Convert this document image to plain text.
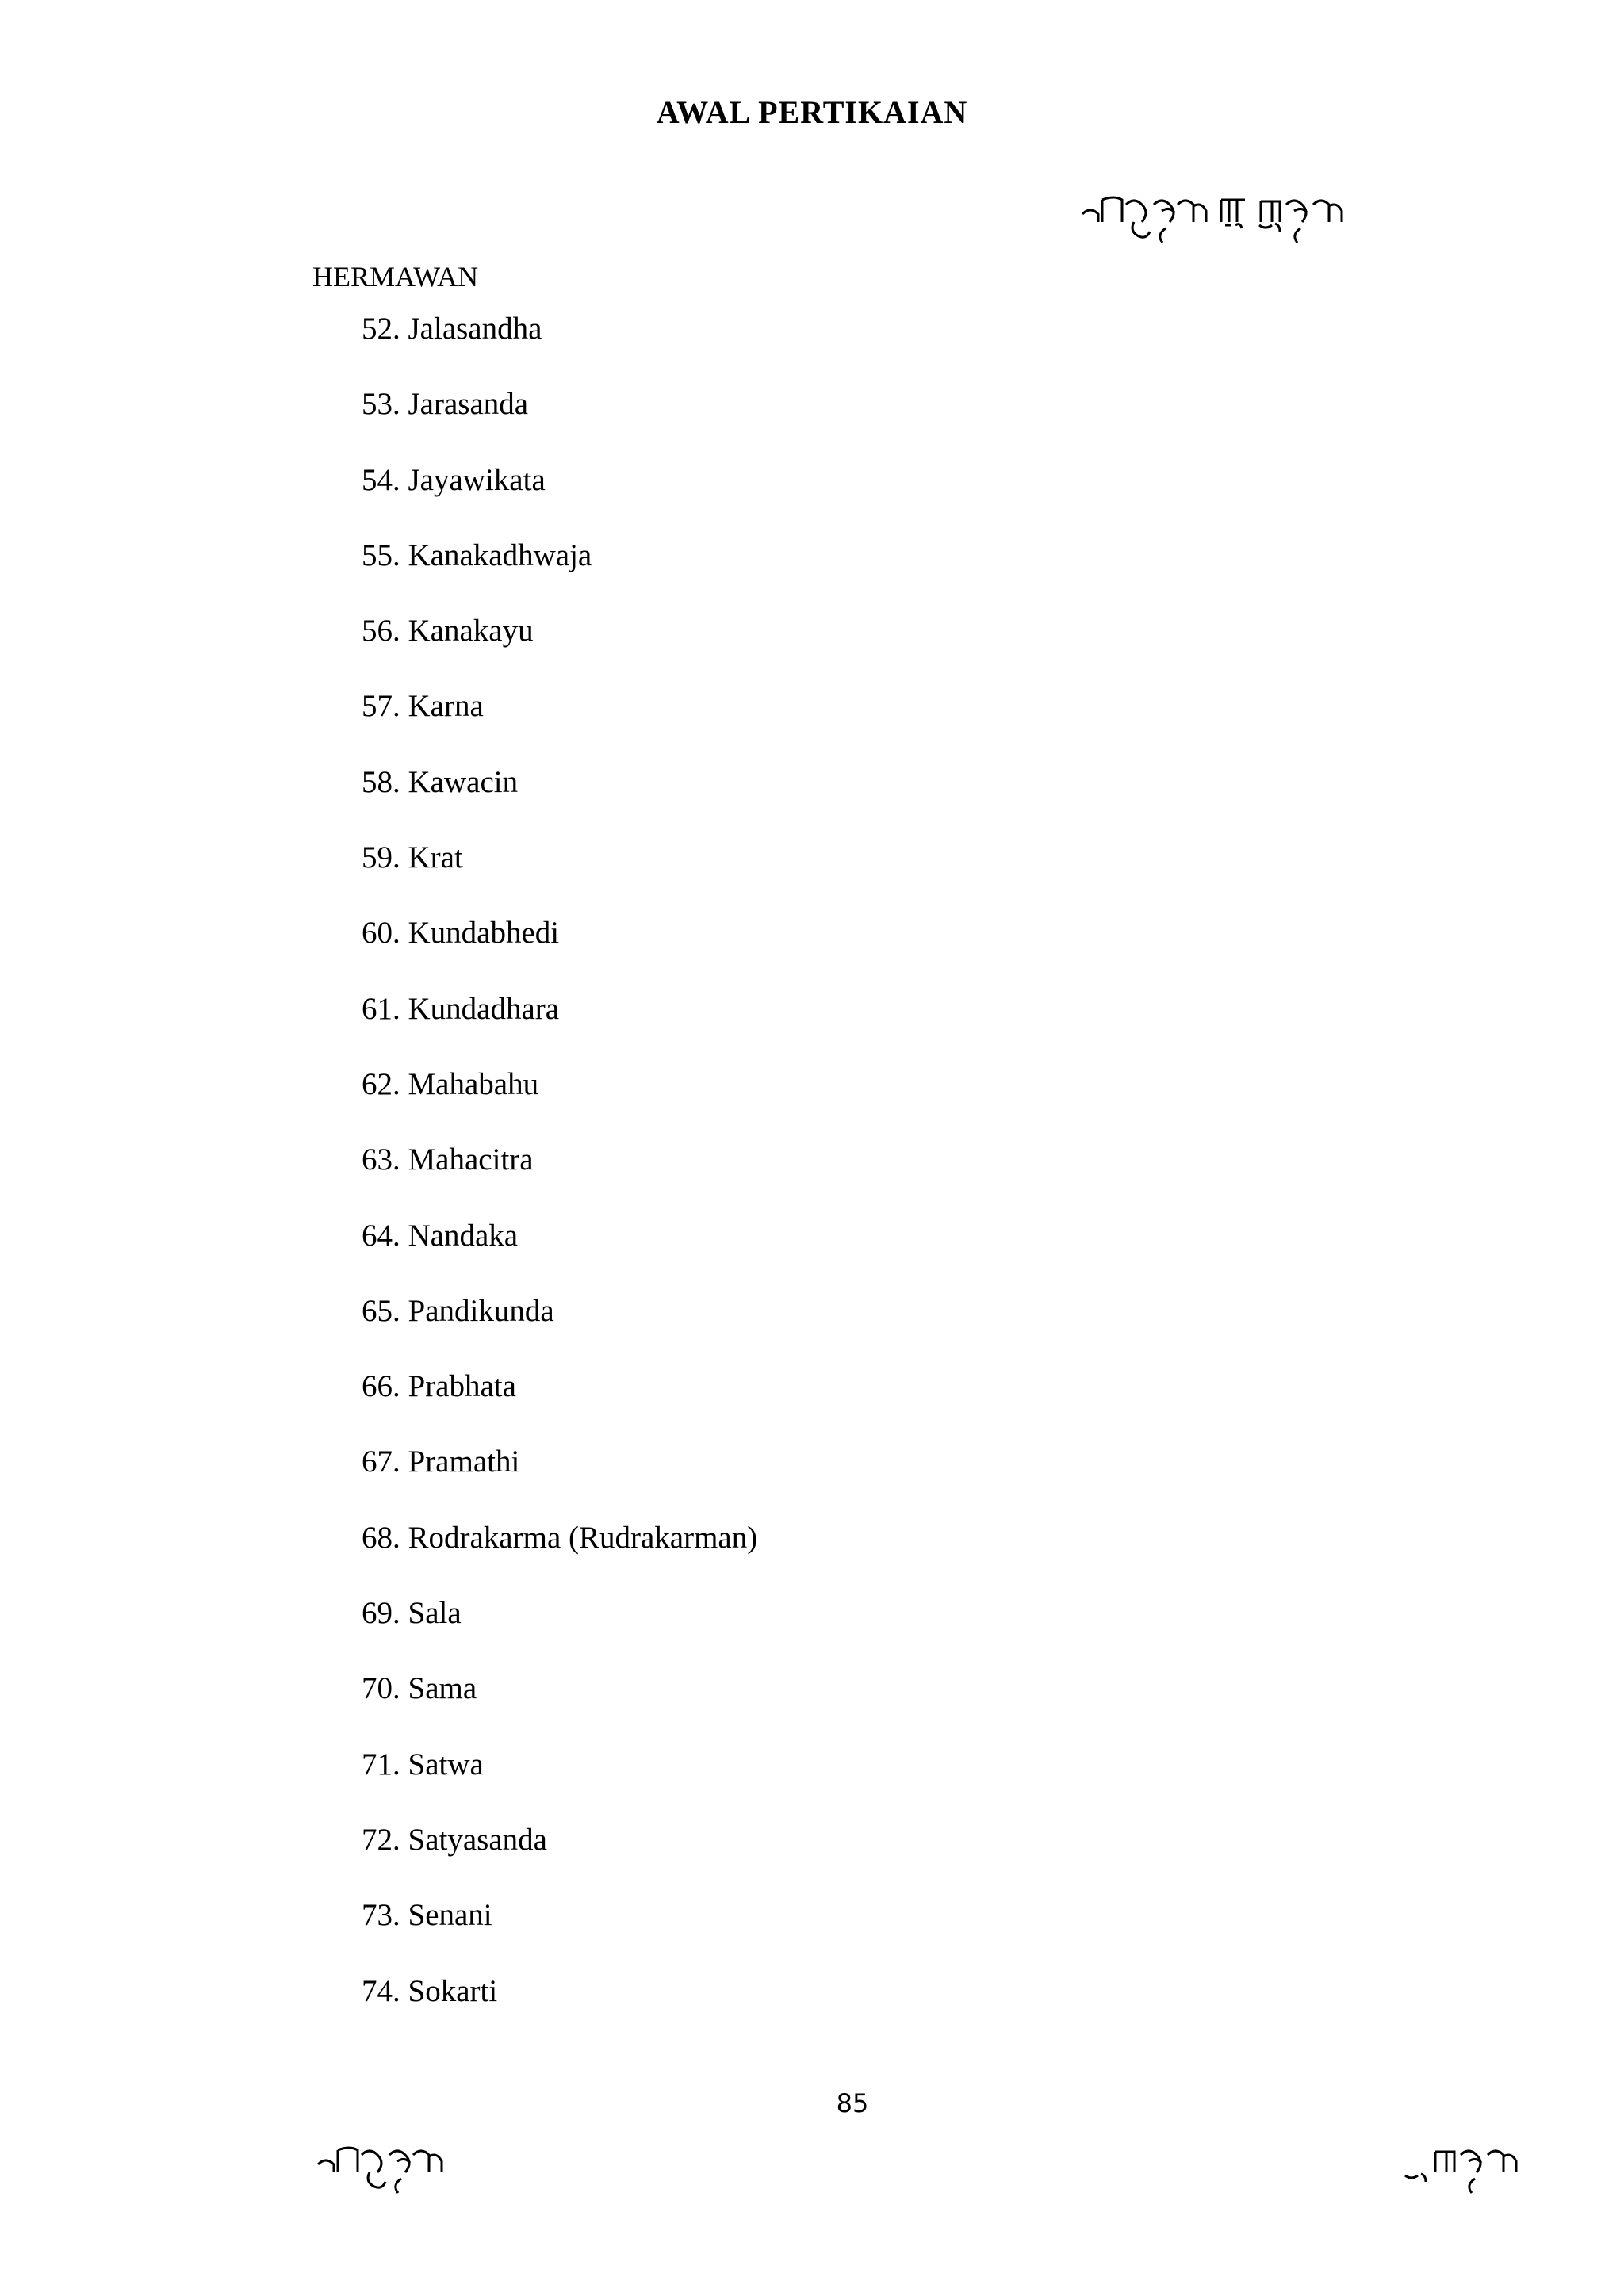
AWAL PERTIKAIAN
HERMAWAN
52. Jalasandha
53. Jarasanda
54. Jayawikata
55. Kanakadhwaja
56. Kanakayu
57. Karna
58. Kawacin
59. Krat
60. Kundabhedi
61. Kundadhara
62. Mahabahu
63. Mahacitra
64. Nandaka
65. Pandikunda
66. Prabhata
67. Pramathi
68. Rodrakarma (Rudrakarman)
69. Sala
70. Sama
71. Satwa
72. Satyasanda
73. Senani
74. Sokarti
85
